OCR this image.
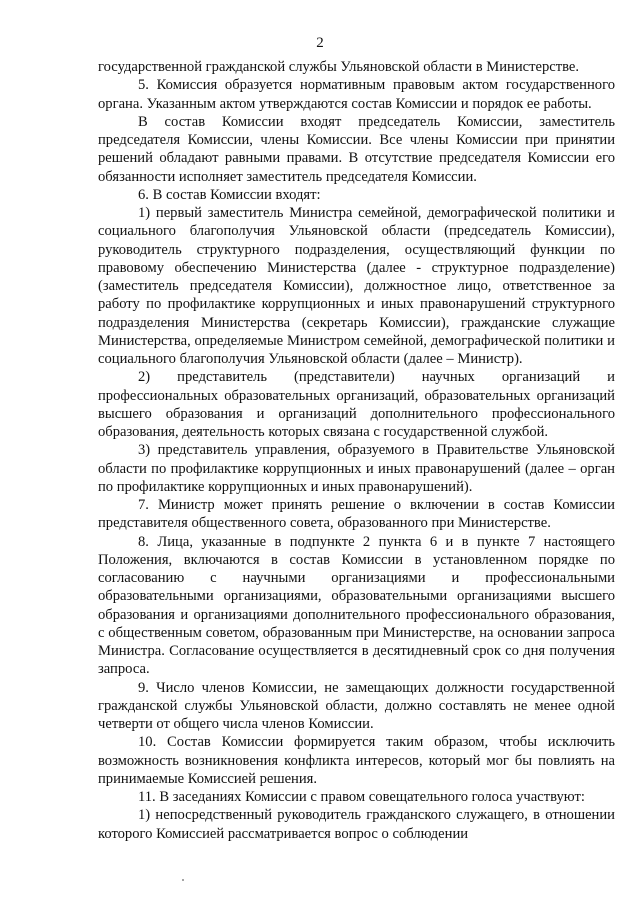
2

государственной гражданской службы Ульяновской области в Министерстве.

5. Комиссия образуется нормативным правовым актом государственного органа. Указанным актом утверждаются состав Комиссии и порядок ее работы.

В состав Комиссии входят председатель Комиссии, заместитель председателя Комиссии, члены Комиссии. Все члены Комиссии при принятии решений обладают равными правами. В отсутствие председателя Комиссии его обязанности исполняет заместитель председателя Комиссии.

6. В состав Комиссии входят:

1) первый заместитель Министра семейной, демографической политики и социального благополучия Ульяновской области (председатель Комиссии), руководитель структурного подразделения, осуществляющий функции по правовому обеспечению Министерства (далее - структурное подразделение) (заместитель председателя Комиссии), должностное лицо, ответственное за работу по профилактике коррупционных и иных правонарушений структурного подразделения Министерства (секретарь Комиссии), гражданские служащие Министерства, определяемые Министром семейной, демографической политики и социального благополучия Ульяновской области (далее – Министр).

2) представитель (представители) научных организаций и профессиональных образовательных организаций, образовательных организаций высшего образования и организаций дополнительного профессионального образования, деятельность которых связана с государственной службой.

3) представитель управления, образуемого в Правительстве Ульяновской области по профилактике коррупционных и иных правонарушений (далее – орган по профилактике коррупционных и иных правонарушений).

7. Министр может принять решение о включении в состав Комиссии представителя общественного совета, образованного при Министерстве.

8. Лица, указанные в подпункте 2 пункта 6 и в пункте 7 настоящего Положения, включаются в состав Комиссии в установленном порядке по согласованию с научными организациями и профессиональными образовательными организациями, образовательными организациями высшего образования и организациями дополнительного профессионального образования, с общественным советом, образованным при Министерстве, на основании запроса Министра. Согласование осуществляется в десятидневный срок со дня получения запроса.

9. Число членов Комиссии, не замещающих должности государственной гражданской службы Ульяновской области, должно составлять не менее одной четверти от общего числа членов Комиссии.

10. Состав Комиссии формируется таким образом, чтобы исключить возможность возникновения конфликта интересов, который мог бы повлиять на принимаемые Комиссией решения.

11. В заседаниях Комиссии с правом совещательного голоса участвуют:

1) непосредственный руководитель гражданского служащего, в отношении которого Комиссией рассматривается вопрос о соблюдении
